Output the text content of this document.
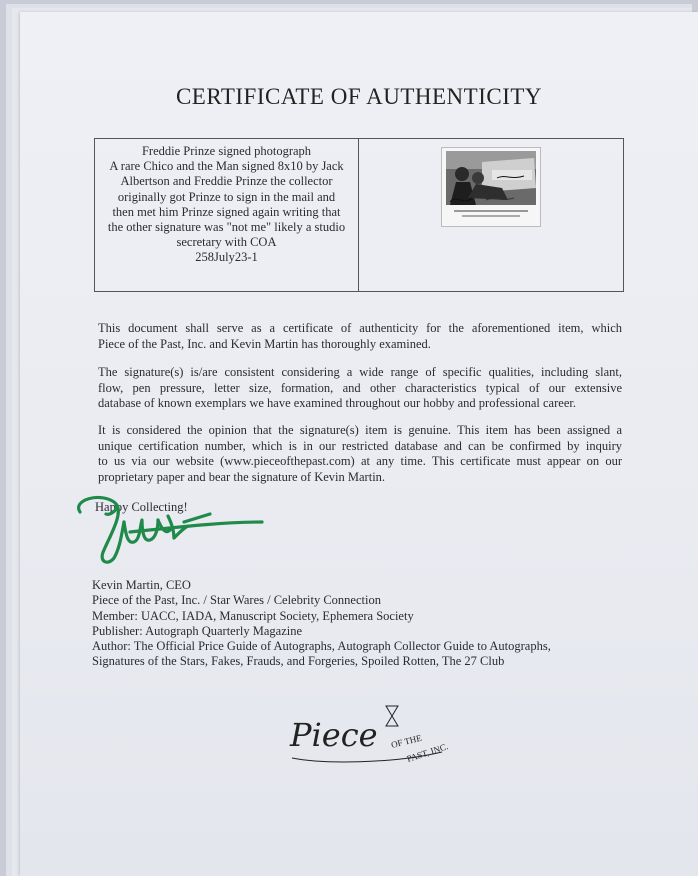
CERTIFICATE OF AUTHENTICITY
Freddie Prinze signed photograph
A rare Chico and the Man signed 8x10 by Jack
Albertson and Freddie Prinze the collector
originally got Prinze to sign in the mail and
then met him Prinze signed again writing that
the other signature was "not me" likely a studio
secretary with COA
258July23-1
This document shall serve as a certificate of authenticity for the aforementioned item, which
Piece of the Past, Inc. and Kevin Martin has thoroughly examined.
The signature(s) is/are consistent considering a wide range of specific qualities, including slant,
flow, pen pressure, letter size, formation, and other characteristics typical of our extensive
database of known exemplars we have examined throughout our hobby and professional career.
It is considered the opinion that the signature(s) item is genuine. This item has been assigned a
unique certification number, which is in our restricted database and can be confirmed by inquiry
to us via our website (www.pieceofthepast.com) at any time. This certificate must appear on our
proprietary paper and bear the signature of Kevin Martin.
Happy Collecting!
Kevin Martin, CEO
Piece of the Past, Inc. / Star Wares / Celebrity Connection
Member: UACC, IADA, Manuscript Society, Ephemera Society
Publisher: Autograph Quarterly Magazine
Author: The Official Price Guide of Autographs, Autograph Collector Guide to Autographs,
Signatures of the Stars, Fakes, Frauds, and Forgeries, Spoiled Rotten, The 27 Club
Piece OF THE
PAST, INC.
